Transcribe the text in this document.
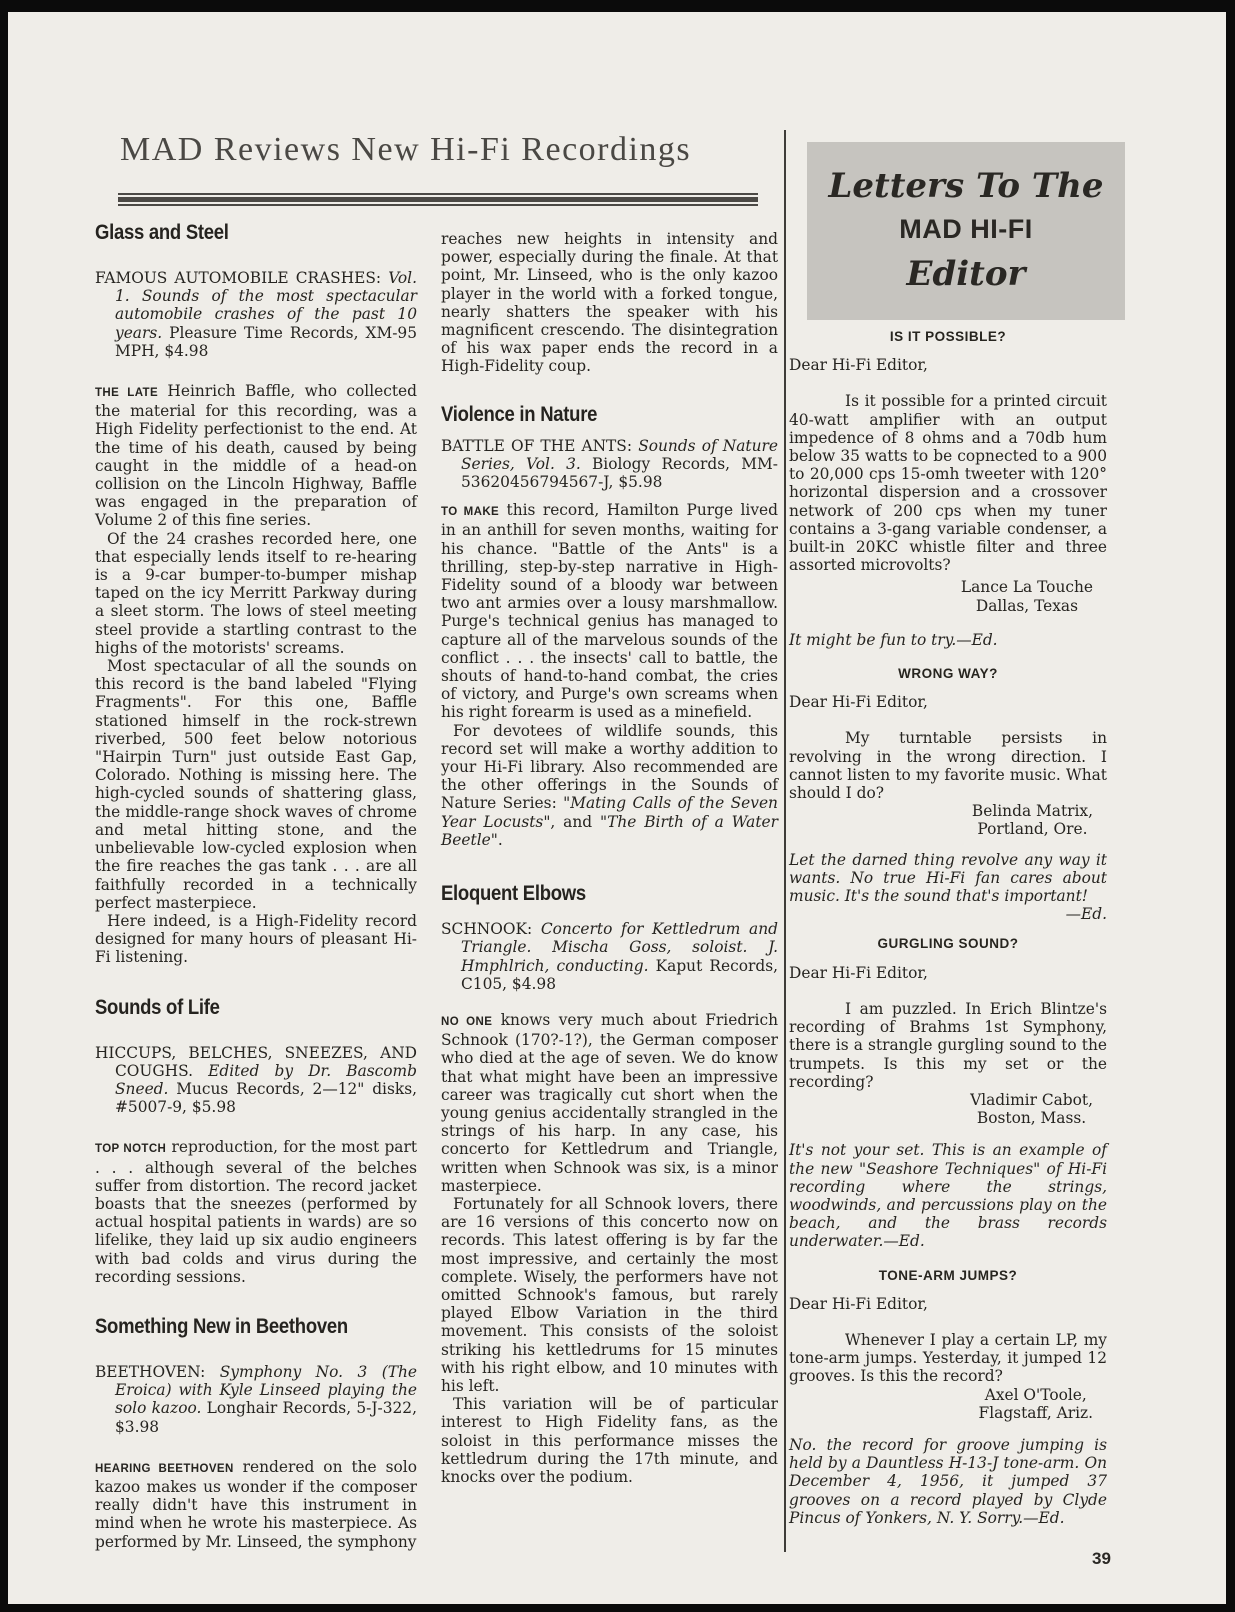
MAD Reviews New Hi-Fi Recordings
Glass and Steel

FAMOUS AUTOMOBILE CRASHES: Vol. 1. Sounds of the most spectacular automobile crashes of the past 10 years. Pleasure Time Records, XM-95 MPH, $4.98

THE LATE Heinrich Baffle, who collected the material for this recording, was a High Fidelity perfectionist to the end. At the time of his death, caused by being caught in the middle of a head-on collision on the Lincoln Highway, Baffle was engaged in the preparation of Volume 2 of this fine series.

Of the 24 crashes recorded here, one that especially lends itself to re-hearing is a 9-car bumper-to-bumper mishap taped on the icy Merritt Parkway during a sleet storm. The lows of steel meeting steel provide a startling contrast to the highs of the motorists' screams.

Most spectacular of all the sounds on this record is the band labeled "Flying Fragments". For this one, Baffle stationed himself in the rock-strewn riverbed, 500 feet below notorious "Hairpin Turn" just outside East Gap, Colorado. Nothing is missing here. The high-cycled sounds of shattering glass, the middle-range shock waves of chrome and metal hitting stone, and the unbelievable low-cycled explosion when the fire reaches the gas tank . . . are all faithfully recorded in a technically perfect masterpiece.

Here indeed, is a High-Fidelity record designed for many hours of pleasant Hi-Fi listening.

Sounds of Life

HICCUPS, BELCHES, SNEEZES, AND COUGHS. Edited by Dr. Bascomb Sneed. Mucus Records, 2—12" disks, #5007-9, $5.98

TOP NOTCH reproduction, for the most part . . . although several of the belches suffer from distortion. The record jacket boasts that the sneezes (performed by actual hospital patients in wards) are so lifelike, they laid up six audio engineers with bad colds and virus during the recording sessions.

Something New in Beethoven

BEETHOVEN: Symphony No. 3 (The Eroica) with Kyle Linseed playing the solo kazoo. Longhair Records, 5-J-322, $3.98

HEARING BEETHOVEN rendered on the solo kazoo makes us wonder if the composer really didn't have this instrument in mind when he wrote his masterpiece. As performed by Mr. Linseed, the symphony

reaches new heights in intensity and power, especially during the finale. At that point, Mr. Linseed, who is the only kazoo player in the world with a forked tongue, nearly shatters the speaker with his magnificent crescendo. The disintegration of his wax paper ends the record in a High-Fidelity coup.

Violence in Nature

BATTLE OF THE ANTS: Sounds of Nature Series, Vol. 3. Biology Records, MM-53620456794567-J, $5.98

TO MAKE this record, Hamilton Purge lived in an anthill for seven months, waiting for his chance. "Battle of the Ants" is a thrilling, step-by-step narrative in High-Fidelity sound of a bloody war between two ant armies over a lousy marshmallow. Purge's technical genius has managed to capture all of the marvelous sounds of the conflict . . . the insects' call to battle, the shouts of hand-to-hand combat, the cries of victory, and Purge's own screams when his right forearm is used as a minefield.

For devotees of wildlife sounds, this record set will make a worthy addition to your Hi-Fi library. Also recommended are the other offerings in the Sounds of Nature Series: "Mating Calls of the Seven Year Locusts", and "The Birth of a Water Beetle".

Eloquent Elbows

SCHNOOK: Concerto for Kettledrum and Triangle. Mischa Goss, soloist. J. Hmphlrich, conducting. Kaput Records, C105, $4.98

NO ONE knows very much about Friedrich Schnook (170?-1?), the German composer who died at the age of seven. We do know that what might have been an impressive career was tragically cut short when the young genius accidentally strangled in the strings of his harp. In any case, his concerto for Kettledrum and Triangle, written when Schnook was six, is a minor masterpiece.

Fortunately for all Schnook lovers, there are 16 versions of this concerto now on records. This latest offering is by far the most impressive, and certainly the most complete. Wisely, the performers have not omitted Schnook's famous, but rarely played Elbow Variation in the third movement. This consists of the soloist striking his kettledrums for 15 minutes with his right elbow, and 10 minutes with his left.

This variation will be of particular interest to High Fidelity fans, as the soloist in this performance misses the kettledrum during the 17th minute, and knocks over the podium.

Letters To The
MAD HI-FI
Editor

IS IT POSSIBLE?

Dear Hi-Fi Editor,

Is it possible for a printed circuit 40-watt amplifier with an output impedence of 8 ohms and a 70db hum below 35 watts to be copnected to a 900 to 20,000 cps 15-omh tweeter with 120° horizontal dispersion and a crossover network of 200 cps when my tuner contains a 3-gang variable condenser, a built-in 20KC whistle filter and three assorted microvolts?

Lance La Touche
Dallas, Texas

It might be fun to try.—Ed.

WRONG WAY?

Dear Hi-Fi Editor,

My turntable persists in revolving in the wrong direction. I cannot listen to my favorite music. What should I do?

Belinda Matrix,
Portland, Ore.

Let the darned thing revolve any way it wants. No true Hi-Fi fan cares about music. It's the sound that's important!

—Ed.

GURGLING SOUND?

Dear Hi-Fi Editor,

I am puzzled. In Erich Blintze's recording of Brahms 1st Symphony, there is a strangle gurgling sound to the trumpets. Is this my set or the recording?

Vladimir Cabot,
Boston, Mass.

It's not your set. This is an example of the new "Seashore Techniques" of Hi-Fi recording where the strings, woodwinds, and percussions play on the beach, and the brass records underwater.—Ed.

TONE-ARM JUMPS?

Dear Hi-Fi Editor,

Whenever I play a certain LP, my tone-arm jumps. Yesterday, it jumped 12 grooves. Is this the record?

Axel O'Toole,
Flagstaff, Ariz.

No. the record for groove jumping is held by a Dauntless H-13-J tone-arm. On December 4, 1956, it jumped 37 grooves on a record played by Clyde Pincus of Yonkers, N. Y. Sorry.—Ed.

39
